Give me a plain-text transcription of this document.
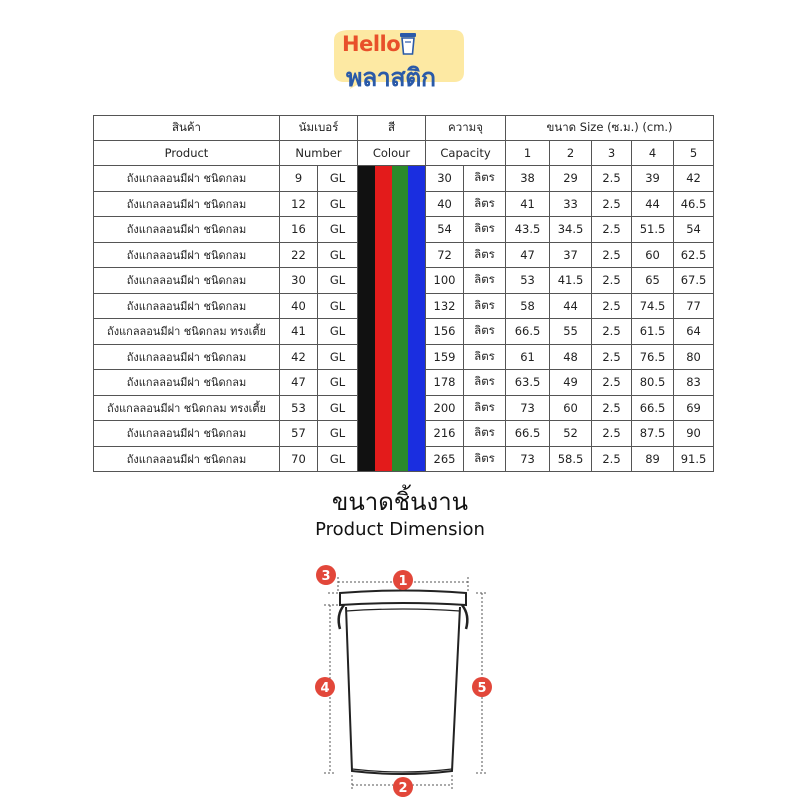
Hello
พลาสติก
สินค้า	นัมเบอร์		สี	ความจุ		ขนาด Size (ซ.ม.) (cm.)				
Product	Number		Colour	Capacity		1	2	3	4	5
ถังแกลลอนมีฝา ชนิดกลม	9	GL		30	ลิตร	38	29	2.5	39	42
ถังแกลลอนมีฝา ชนิดกลม	12	GL		40	ลิตร	41	33	2.5	44	46.5
ถังแกลลอนมีฝา ชนิดกลม	16	GL		54	ลิตร	43.5	34.5	2.5	51.5	54
ถังแกลลอนมีฝา ชนิดกลม	22	GL		72	ลิตร	47	37	2.5	60	62.5
ถังแกลลอนมีฝา ชนิดกลม	30	GL		100	ลิตร	53	41.5	2.5	65	67.5
ถังแกลลอนมีฝา ชนิดกลม	40	GL		132	ลิตร	58	44	2.5	74.5	77
ถังแกลลอนมีฝา ชนิดกลม ทรงเตี้ย	41	GL		156	ลิตร	66.5	55	2.5	61.5	64
ถังแกลลอนมีฝา ชนิดกลม	42	GL		159	ลิตร	61	48	2.5	76.5	80
ถังแกลลอนมีฝา ชนิดกลม	47	GL		178	ลิตร	63.5	49	2.5	80.5	83
ถังแกลลอนมีฝา ชนิดกลม ทรงเตี้ย	53	GL		200	ลิตร	73	60	2.5	66.5	69
ถังแกลลอนมีฝา ชนิดกลม	57	GL		216	ลิตร	66.5	52	2.5	87.5	90
ถังแกลลอนมีฝา ชนิดกลม	70	GL		265	ลิตร	73	58.5	2.5	89	91.5
ขนาดชิ้นงาน
Product Dimension
1
2
3
4	5
